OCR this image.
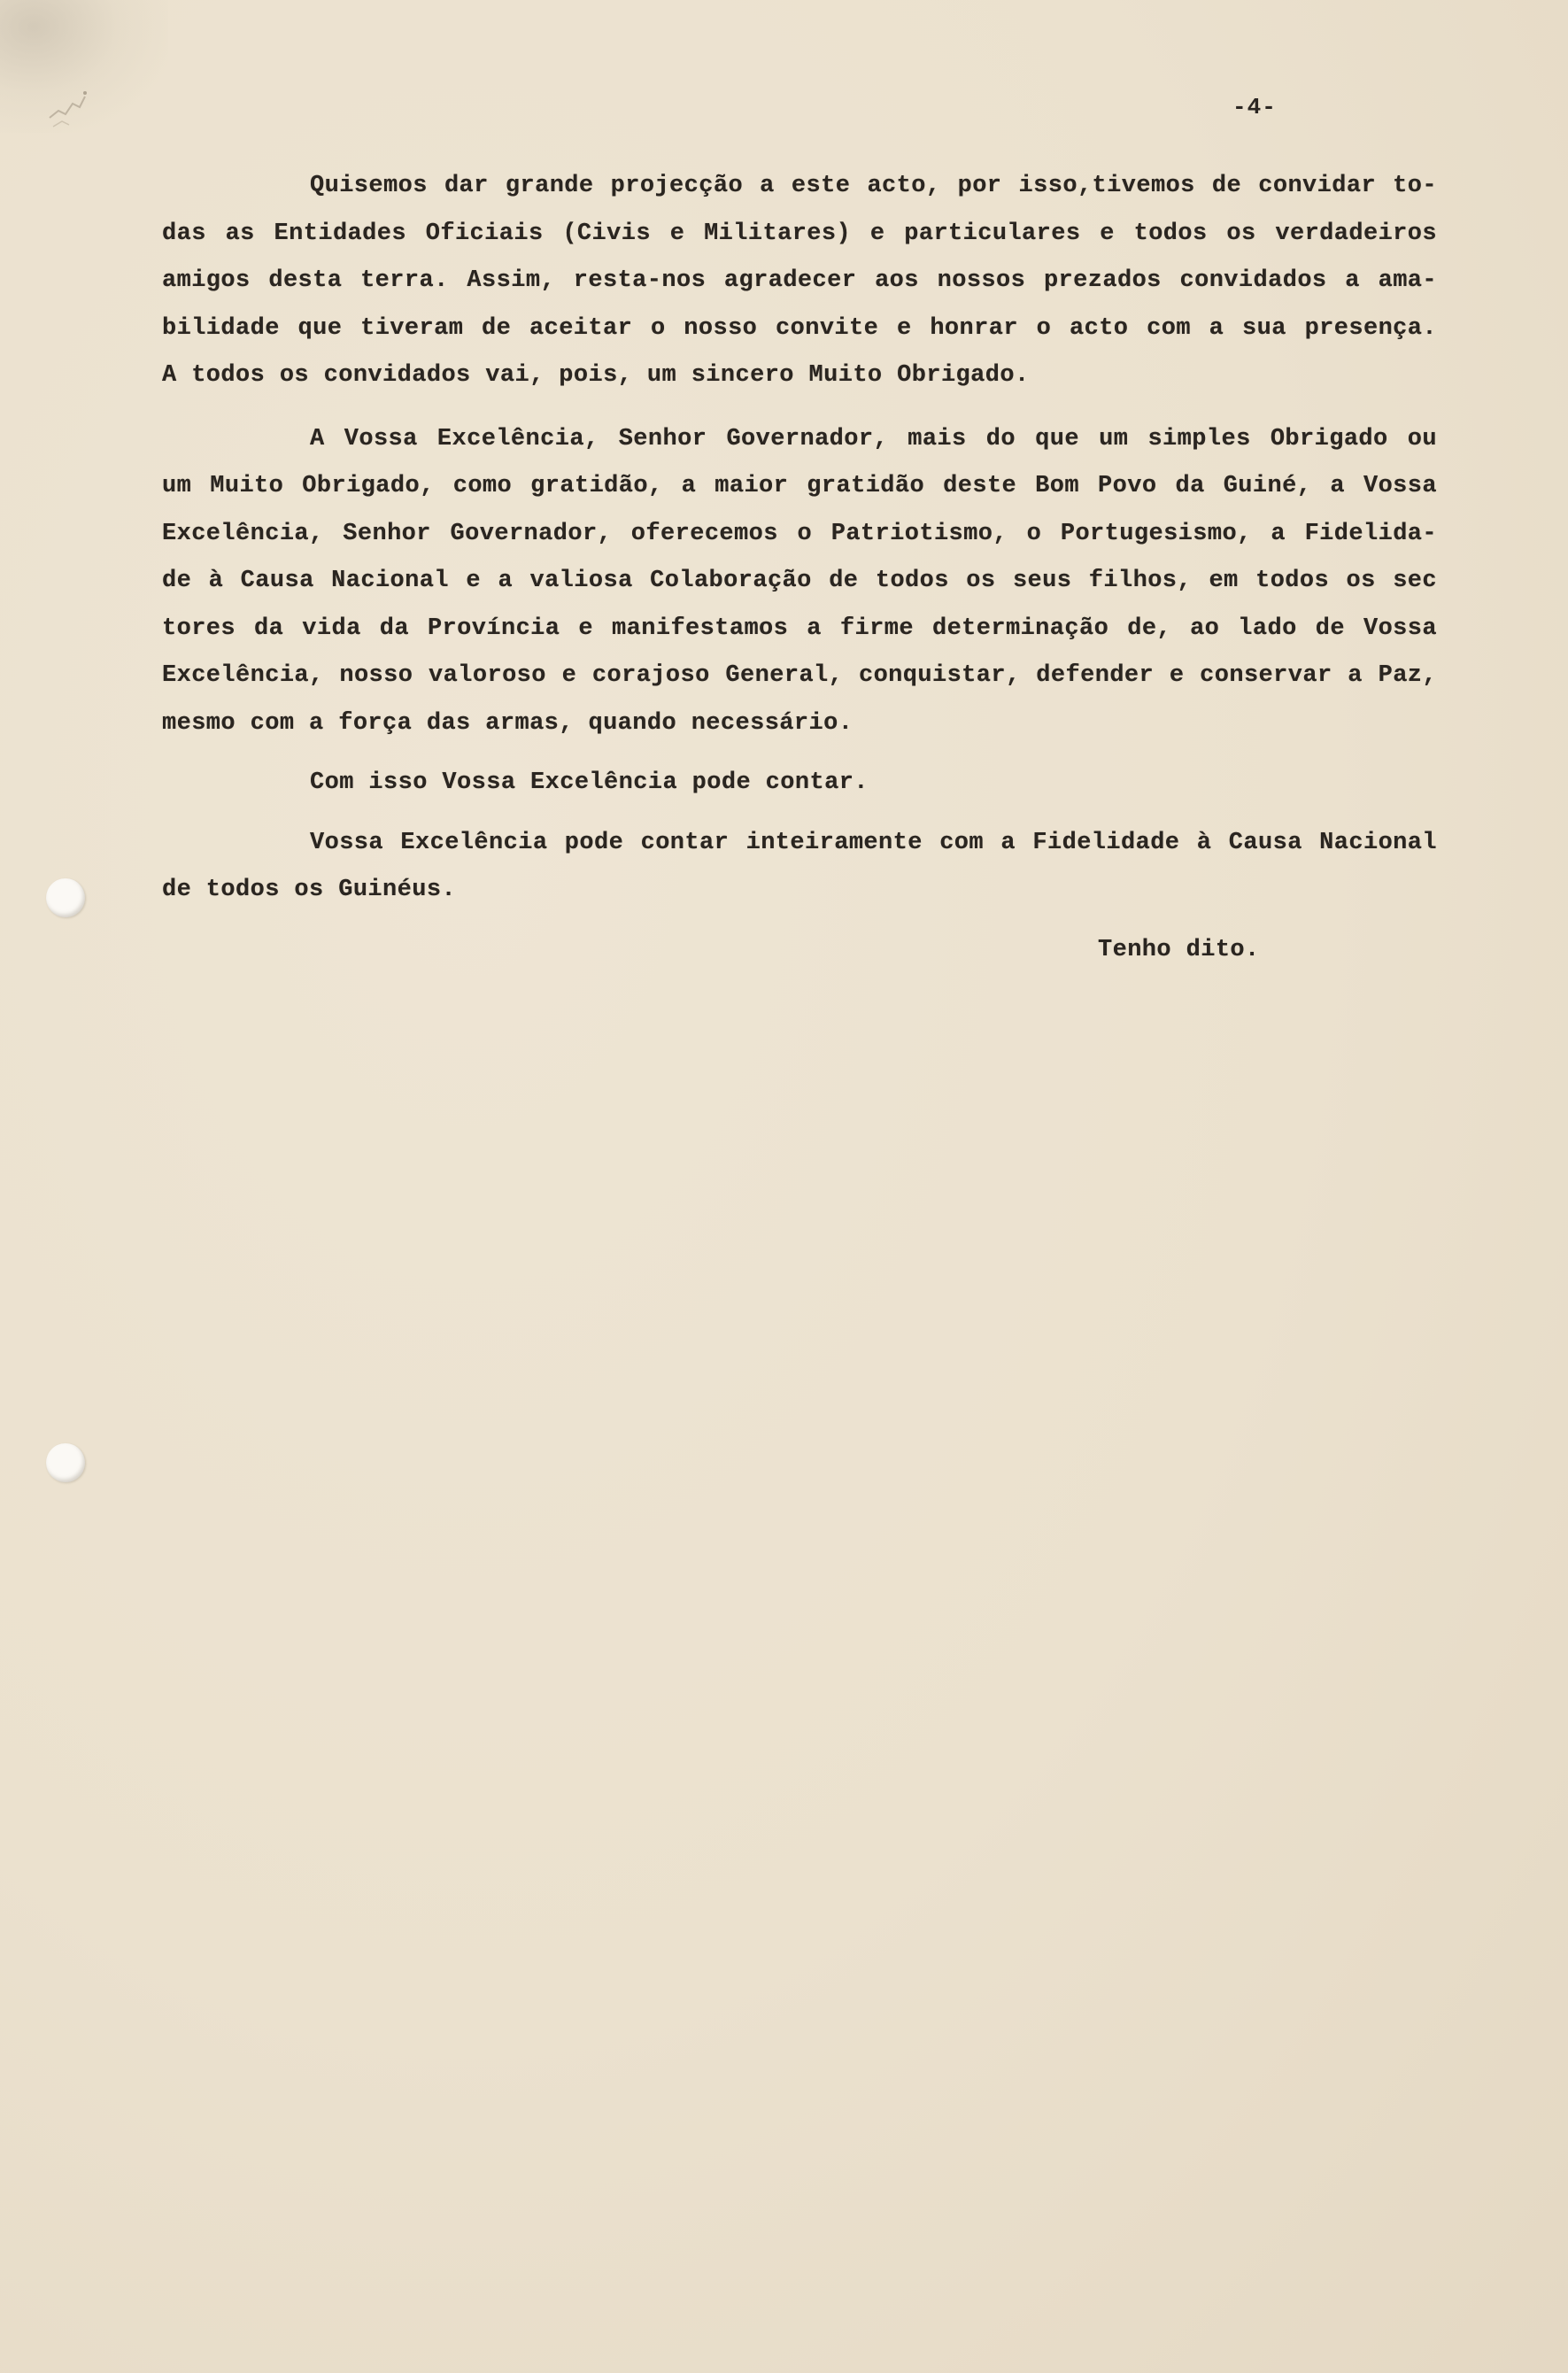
-4-
Quisemos dar grande projecção a este acto, por isso,tivemos de convidar to-
das as Entidades Oficiais (Civis e Militares) e particulares e todos os verdadeiros
amigos desta terra. Assim, resta-nos agradecer aos nossos prezados convidados a ama-
bilidade que tiveram de aceitar o nosso convite e honrar o acto com a sua presença.
A todos os convidados vai, pois, um sincero Muito Obrigado.
A Vossa Excelência, Senhor Governador, mais do que um simples Obrigado ou
um Muito Obrigado, como gratidão, a maior gratidão deste Bom Povo da Guiné, a Vossa
Excelência, Senhor Governador, oferecemos o Patriotismo, o Portugesismo, a Fidelida-
de à Causa Nacional e a valiosa Colaboração de todos os seus filhos, em todos os sec
tores da vida da Província e manifestamos a firme determinação de, ao lado de Vossa
Excelência, nosso valoroso e corajoso General, conquistar, defender e conservar a Paz,
mesmo com a força das armas, quando necessário.
Com isso Vossa Excelência pode contar.
Vossa Excelência pode contar inteiramente com a Fidelidade à Causa Nacional
de todos os Guinéus.
Tenho dito.
